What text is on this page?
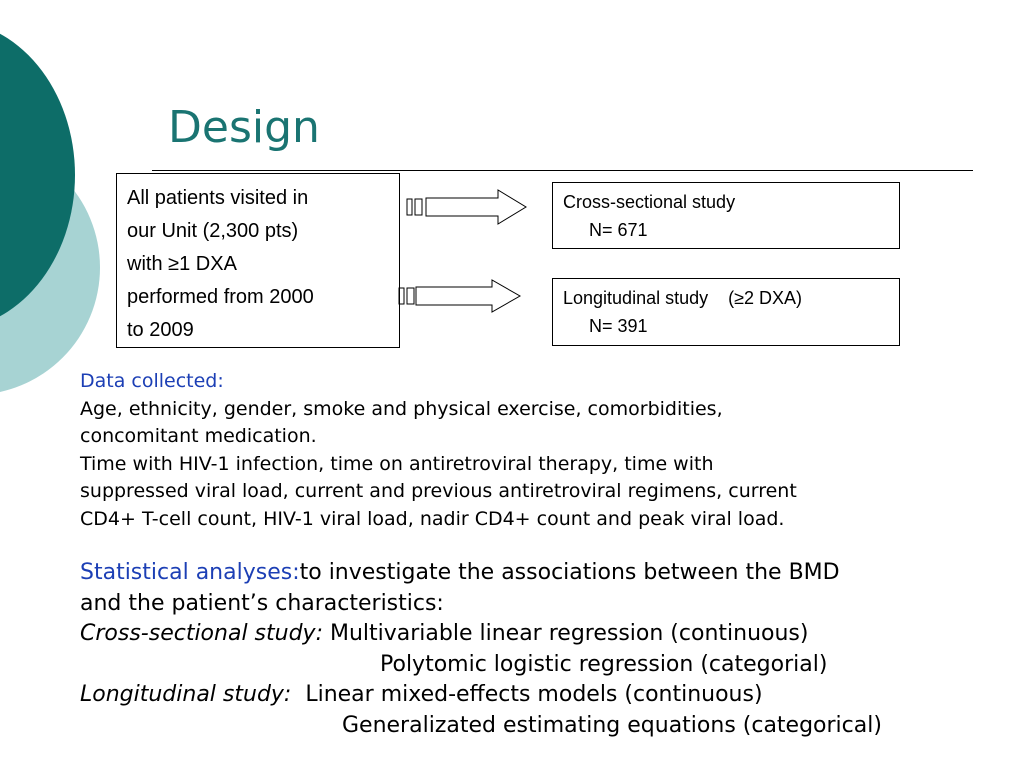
Design
All patients visited in
our Unit (2,300 pts)
with ≥1 DXA
performed from 2000
to 2009
Cross-sectional study
N= 671
Longitudinal study    (≥2 DXA)
N= 391

Data collected:
Age, ethnicity, gender, smoke and physical exercise, comorbidities,
concomitant medication.
Time with HIV-1 infection, time on antiretroviral therapy, time with
suppressed viral load, current and previous antiretroviral regimens, current
CD4+ T-cell count, HIV-1 viral load, nadir CD4+ count and peak viral load.

Statistical analyses:to investigate the associations between the BMD
and the patient’s characteristics:
Cross-sectional study: Multivariable linear regression (continuous)
Polytomic logistic regression (categorial)
Longitudinal study:  Linear mixed-effects models (continuous)
Generalizated estimating equations (categorical)
